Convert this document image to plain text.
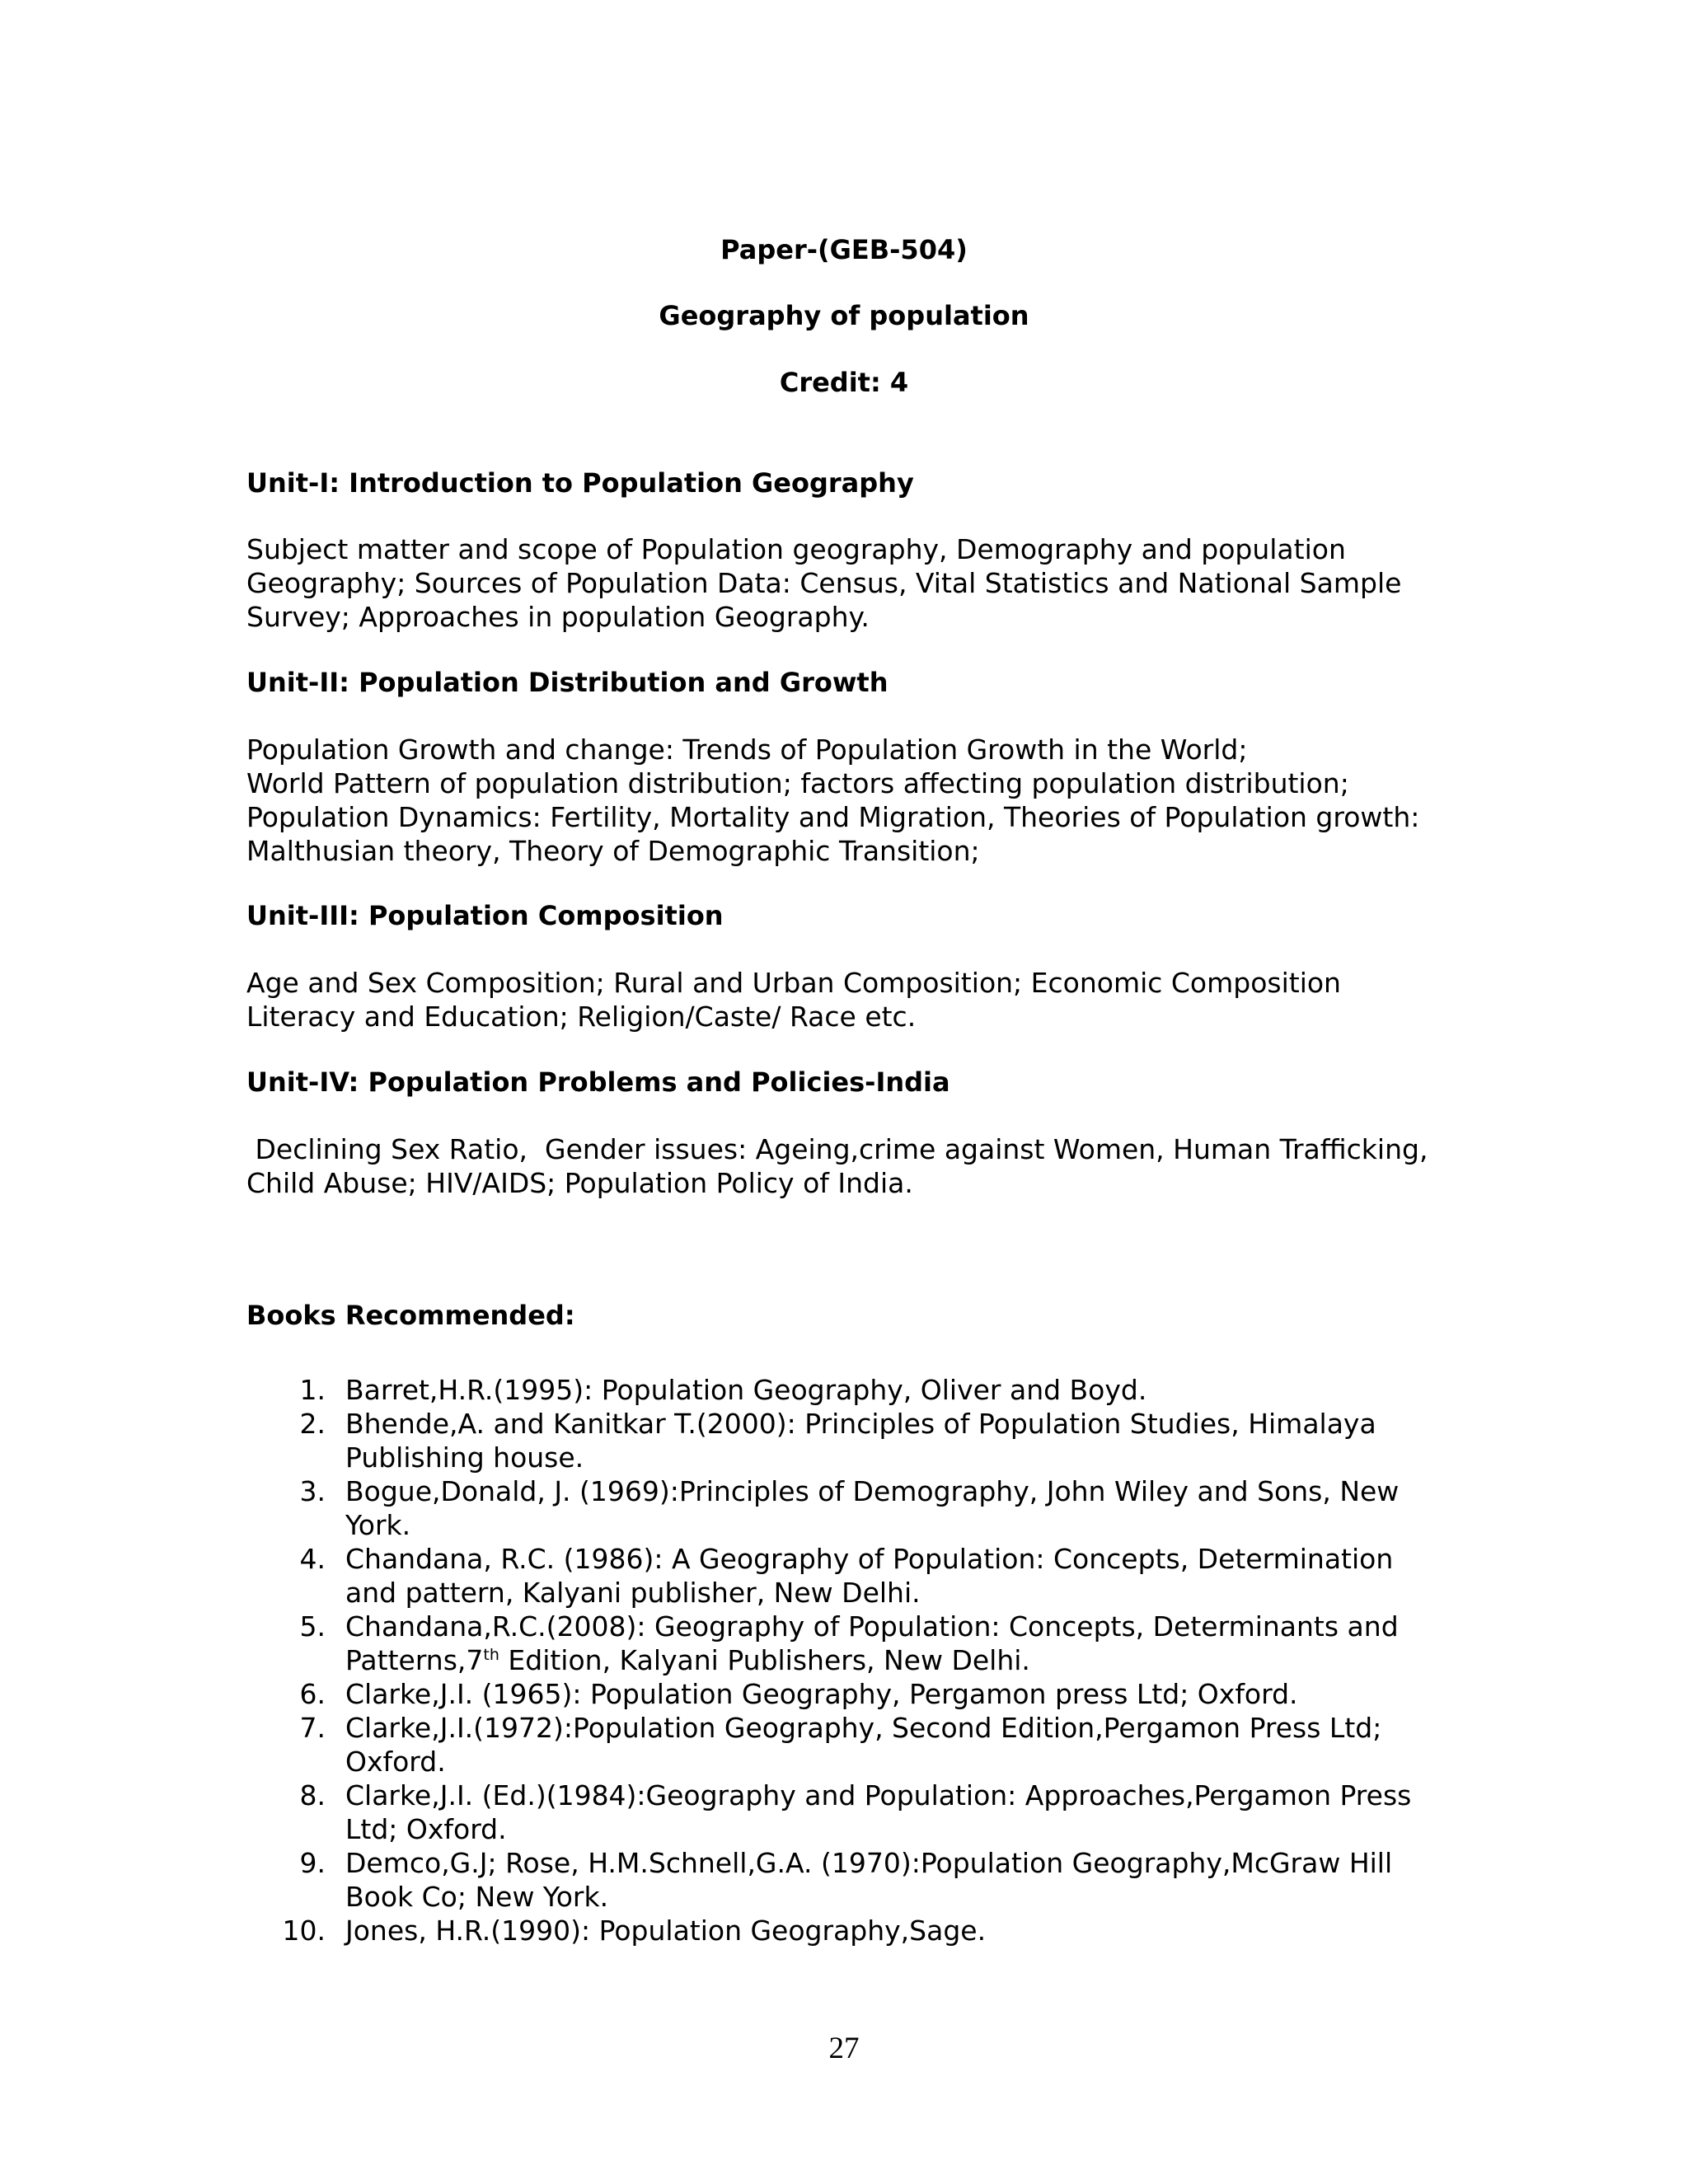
Paper-(GEB-504)

Geography of population

Credit: 4

Unit-I: Introduction to Population Geography

Subject matter and scope of Population geography, Demography and population
Geography; Sources of Population Data: Census, Vital Statistics and National Sample
Survey; Approaches in population Geography.

Unit-II: Population Distribution and Growth

Population Growth and change: Trends of Population Growth in the World;
World Pattern of population distribution; factors affecting population distribution;
Population Dynamics: Fertility, Mortality and Migration, Theories of Population growth:
Malthusian theory, Theory of Demographic Transition;

Unit-III: Population Composition

Age and Sex Composition; Rural and Urban Composition; Economic Composition
Literacy and Education; Religion/Caste/ Race etc.

Unit-IV: Population Problems and Policies-India

Declining Sex Ratio,  Gender issues: Ageing,crime against Women, Human Trafficking,
Child Abuse; HIV/AIDS; Population Policy of India.

Books Recommended:

1. Barret,H.R.(1995): Population Geography, Oliver and Boyd.
2. Bhende,A. and Kanitkar T.(2000): Principles of Population Studies, Himalaya
Publishing house.
3. Bogue,Donald, J. (1969):Principles of Demography, John Wiley and Sons, New
York.
4. Chandana, R.C. (1986): A Geography of Population: Concepts, Determination
and pattern, Kalyani publisher, New Delhi.
5. Chandana,R.C.(2008): Geography of Population: Concepts, Determinants and
Patterns,7th Edition, Kalyani Publishers, New Delhi.
6. Clarke,J.I. (1965): Population Geography, Pergamon press Ltd; Oxford.
7. Clarke,J.I.(1972):Population Geography, Second Edition,Pergamon Press Ltd;
Oxford.
8. Clarke,J.I. (Ed.)(1984):Geography and Population: Approaches,Pergamon Press
Ltd; Oxford.
9. Demco,G.J; Rose, H.M.Schnell,G.A. (1970):Population Geography,McGraw Hill
Book Co; New York.
10. Jones, H.R.(1990): Population Geography,Sage.

27
